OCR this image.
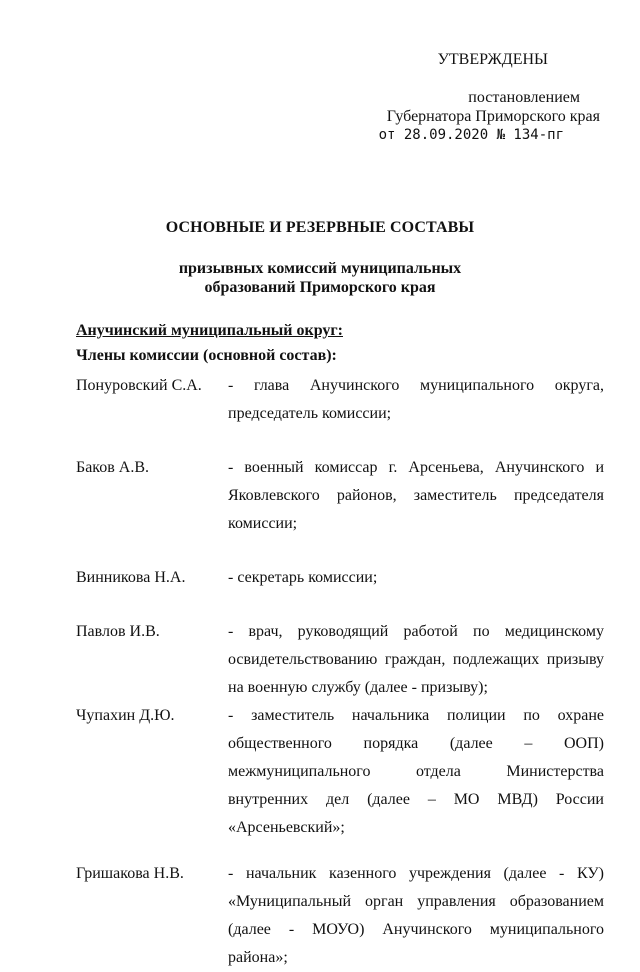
УТВЕРЖДЕНЫ
постановлением
Губернатора Приморского края
от 28.09.2020 № 134-пг
ОСНОВНЫЕ И РЕЗЕРВНЫЕ СОСТАВЫ
призывных комиссий муниципальных
образований Приморского края
Анучинский муниципальный округ:
Члены комиссии (основной состав):
Понуровский С.А.	- глава Анучинского муниципального округа, председатель комиссии;
Баков А.В.	- военный комиссар г. Арсеньева, Анучинского и Яковлевского районов, заместитель председателя комиссии;
Винникова Н.А.	- секретарь комиссии;
Павлов И.В.	- врач, руководящий работой по медицинскому освидетельствованию граждан, подлежащих призыву на военную службу (далее - призыву);
Чупахин Д.Ю.	- заместитель начальника полиции по охране общественного порядка (далее – ООП) межмуниципального отдела Министерства внутренних дел (далее – МО МВД) России «Арсеньевский»;
Гришакова Н.В.	- начальник казенного учреждения (далее - КУ) «Муниципальный орган управления образованием (далее - МОУО) Анучинского муниципального района»;
